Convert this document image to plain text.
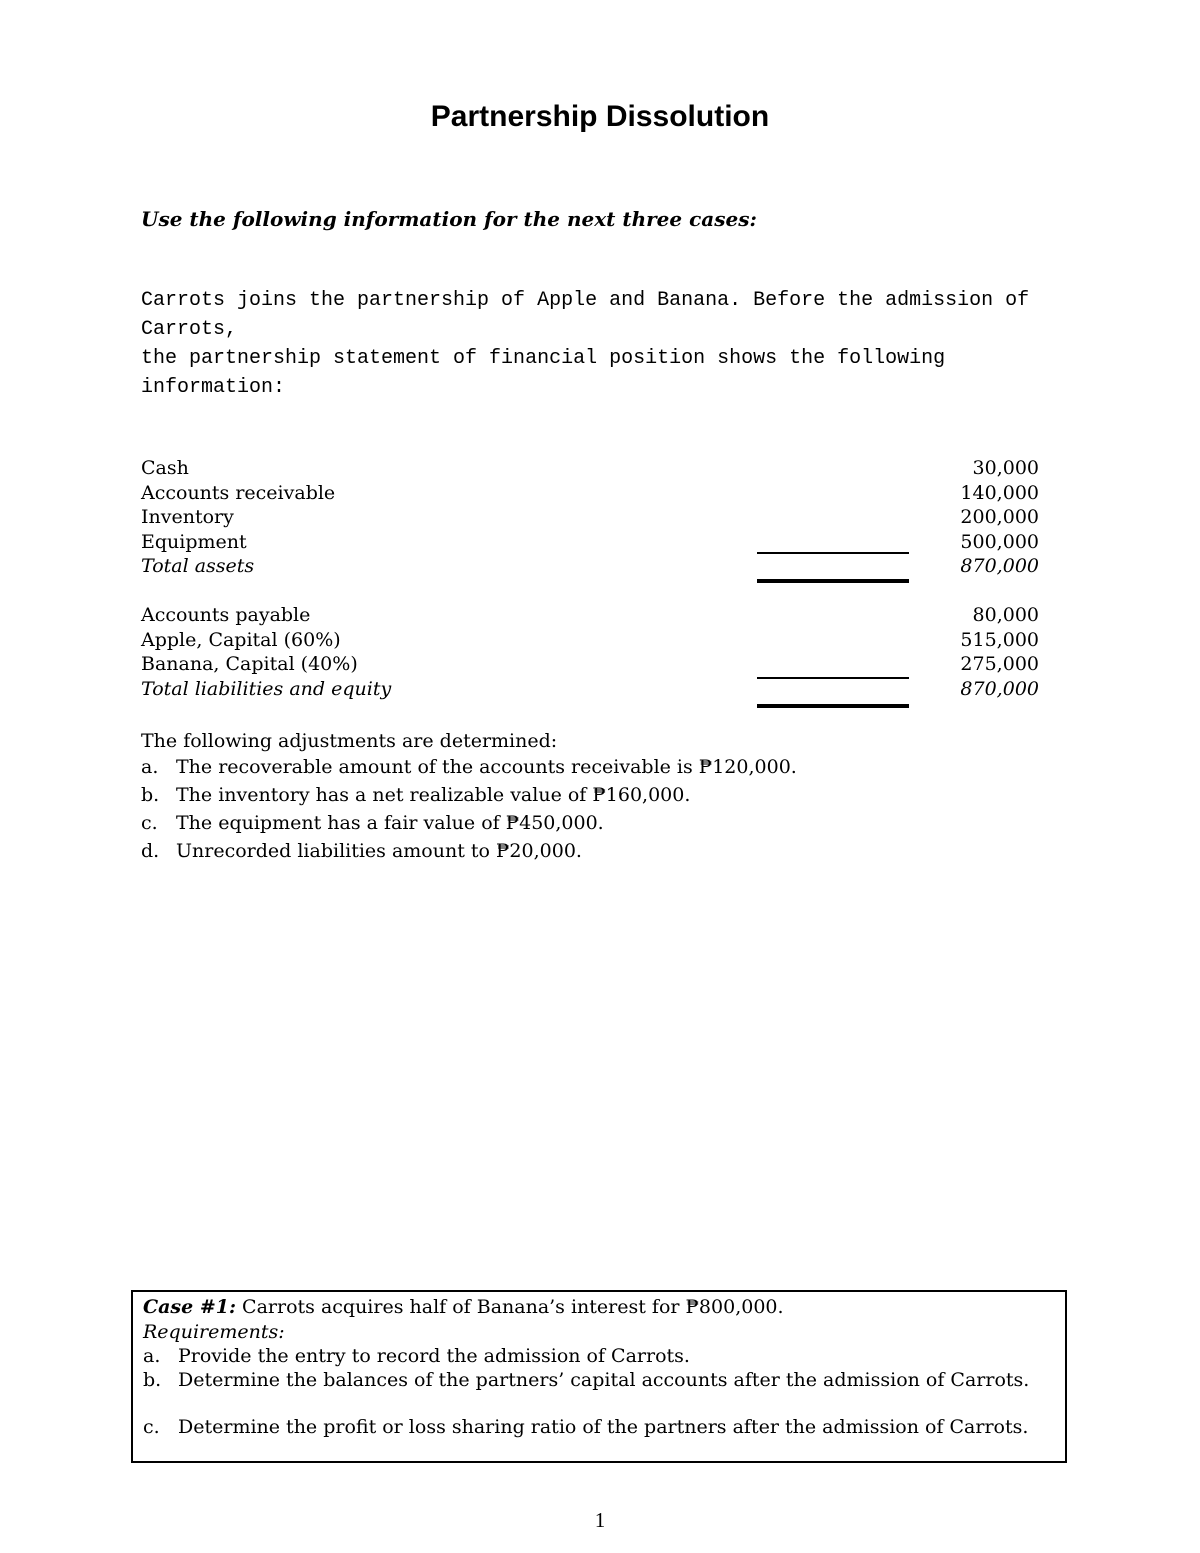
Partnership Dissolution
Use the following information for the next three cases:
Carrots joins the partnership of Apple and Banana. Before the admission of Carrots,
the partnership statement of financial position shows the following information:
Cash	30,000
Accounts receivable	140,000
Inventory	200,000
Equipment	500,000
Total assets	870,000
Accounts payable	80,000
Apple, Capital (60%)	515,000
Banana, Capital (40%)	275,000
Total liabilities and equity	870,000
The following adjustments are determined:
a. The recoverable amount of the accounts receivable is ₱120,000.
b. The inventory has a net realizable value of ₱160,000.
c. The equipment has a fair value of ₱450,000.
d. Unrecorded liabilities amount to ₱20,000.
Case #1: Carrots acquires half of Banana’s interest for ₱800,000.
Requirements:
a. Provide the entry to record the admission of Carrots.
b. Determine the balances of the partners’ capital accounts after the admission of Carrots.
c. Determine the profit or loss sharing ratio of the partners after the admission of Carrots.
1
